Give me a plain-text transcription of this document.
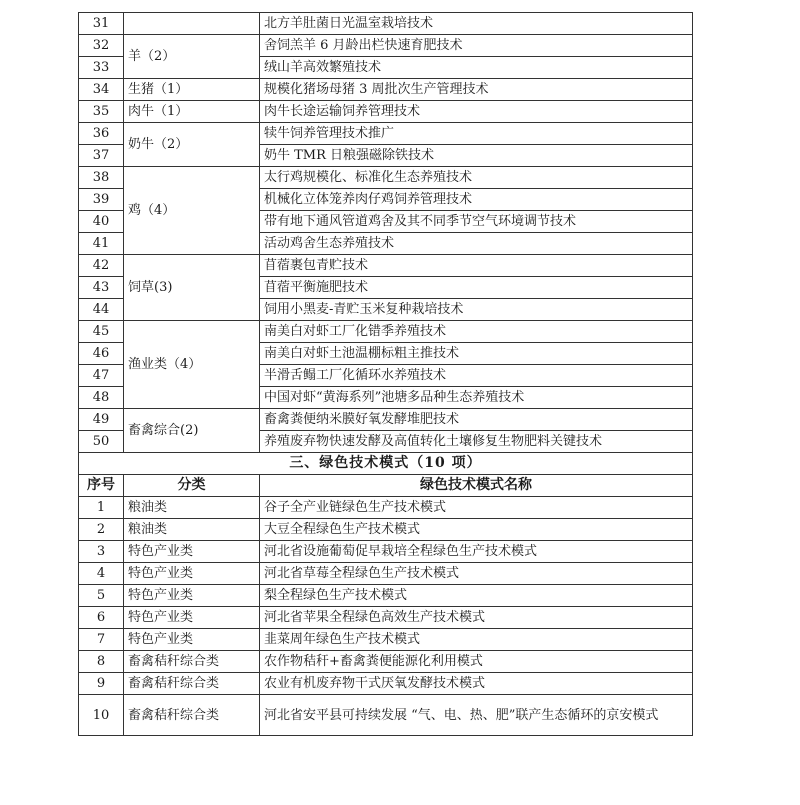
31		北方羊肚菌日光温室栽培技术
32	羊（2）	舍饲羔羊 6 月龄出栏快速育肥技术
33		绒山羊高效繁殖技术
34	生猪（1）	规模化猪场母猪 3 周批次生产管理技术
35	肉牛（1）	肉牛长途运输饲养管理技术
36	奶牛（2）	犊牛饲养管理技术推广
37		奶牛 TMR 日粮强磁除铁技术
38	鸡（4）	太行鸡规模化、标准化生态养殖技术
39		机械化立体笼养肉仔鸡饲养管理技术
40		带有地下通风管道鸡舍及其不同季节空气环境调节技术
41		活动鸡舍生态养殖技术
42	饲草(3)	苜蓿裹包青贮技术
43		苜蓿平衡施肥技术
44		饲用小黑麦-青贮玉米复种栽培技术
45	渔业类（4）	南美白对虾工厂化错季养殖技术
46		南美白对虾土池温棚标粗主推技术
47		半滑舌鳎工厂化循环水养殖技术
48		中国对虾“黄海系列”池塘多品种生态养殖技术
49	畜禽综合(2)	畜禽粪便纳米膜好氧发酵堆肥技术
50		养殖废弃物快速发酵及高值转化土壤修复生物肥料关键技术
三、绿色技术模式（10 项）		
序号	分类	绿色技术模式名称
1	粮油类	谷子全产业链绿色生产技术模式
2	粮油类	大豆全程绿色生产技术模式
3	特色产业类	河北省设施葡萄促早栽培全程绿色生产技术模式
4	特色产业类	河北省草莓全程绿色生产技术模式
5	特色产业类	梨全程绿色生产技术模式
6	特色产业类	河北省苹果全程绿色高效生产技术模式
7	特色产业类	韭菜周年绿色生产技术模式
8	畜禽秸秆综合类	农作物秸秆+畜禽粪便能源化利用模式
9	畜禽秸秆综合类	农业有机废弃物干式厌氧发酵技术模式
10	畜禽秸秆综合类	河北省安平县可持续发展 “气、电、热、肥”联产生态循环的京安模式
